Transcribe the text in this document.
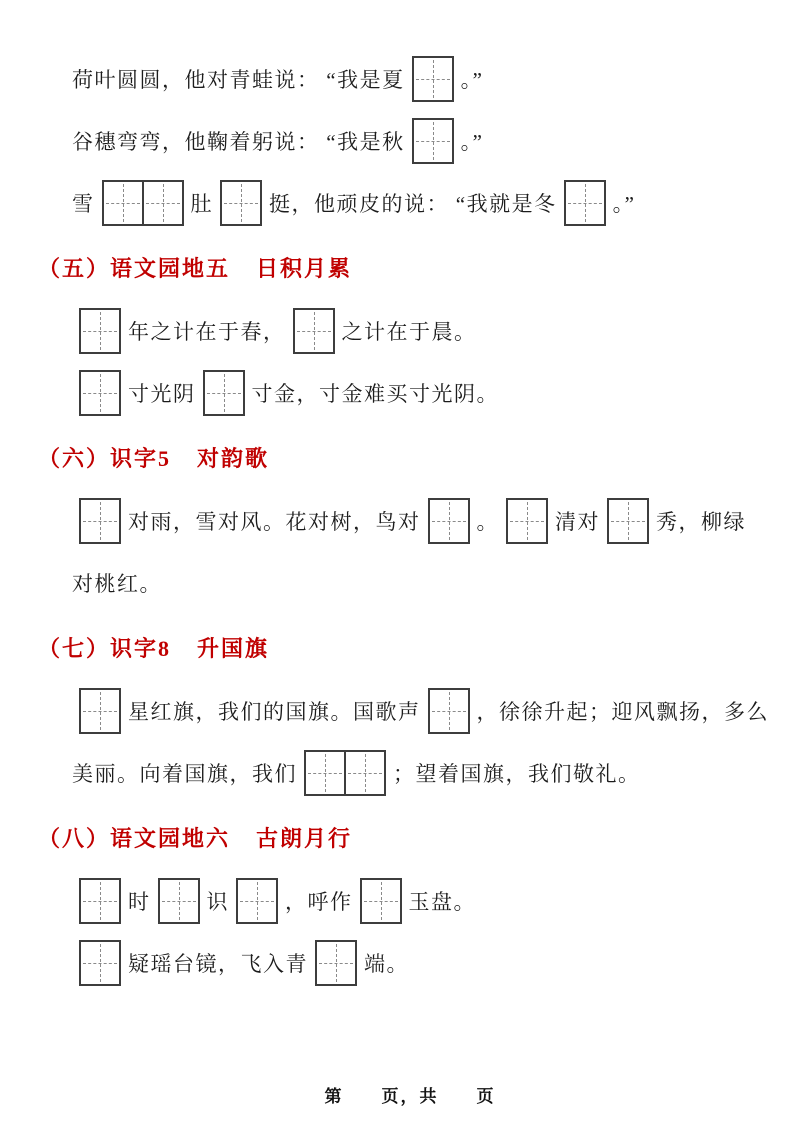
荷叶圆圆，他对青蛙说： “我是夏	。”
谷穗弯弯，他鞠着躬说： “我是秋	。”
雪	肚	挺，他顽皮的说： “我就是冬	。”
（五）语文园地五 日积月累
年之计在于春，	之计在于晨。
寸光阴	寸金，寸金难买寸光阴。
（六）识字5 对韵歌
对雨，雪对风。花对树，鸟对	。	清对	秀，柳绿
对桃红。
（七）识字8 升国旗
星红旗，我们的国旗。国歌声	，徐徐升起；迎风飘扬，多么
美丽。向着国旗，我们	；望着国旗，我们敬礼。
（八）语文园地六 古朗月行
时	识	，呼作	玉盘。
疑瑶台镜，飞入青	端。

第　　页，共　　页
